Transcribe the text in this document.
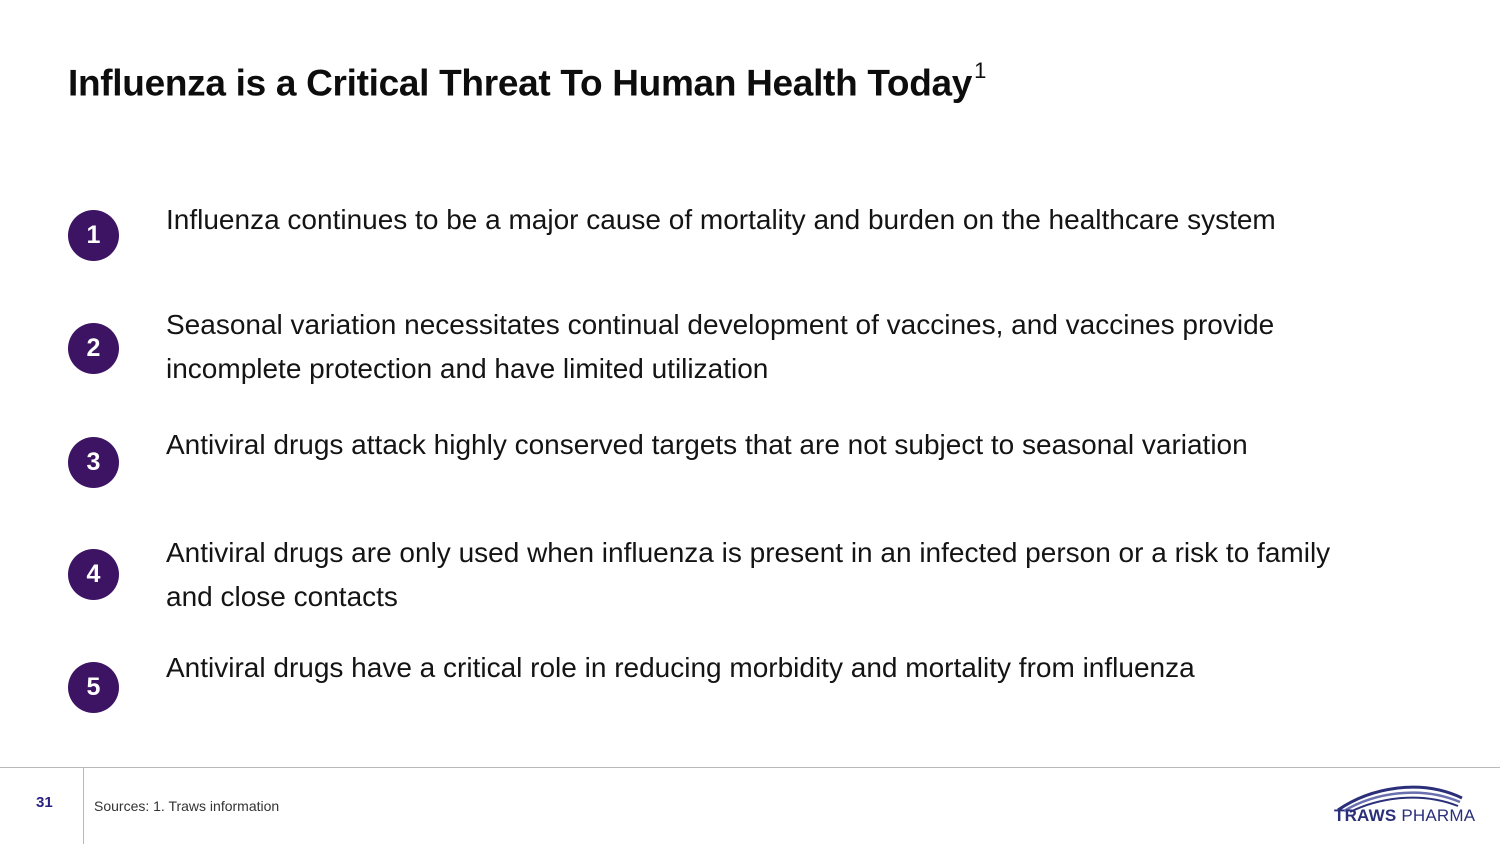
Influenza is a Critical Threat To Human Health Today$^1$
1	Influenza continues to be a major cause of mortality and burden on the healthcare system
2
Seasonal variation necessitates continual development of vaccines, and vaccines provide incomplete protection and have limited utilization
3
Antiviral drugs attack highly conserved targets that are not subject to seasonal variation
4
Antiviral drugs are only used when influenza is present in an infected person or a risk to family and close contacts
5
Antiviral drugs have a critical role in reducing morbidity and mortality from influenza
31	Sources: 1. Traws information	TRAWS PHARMA
